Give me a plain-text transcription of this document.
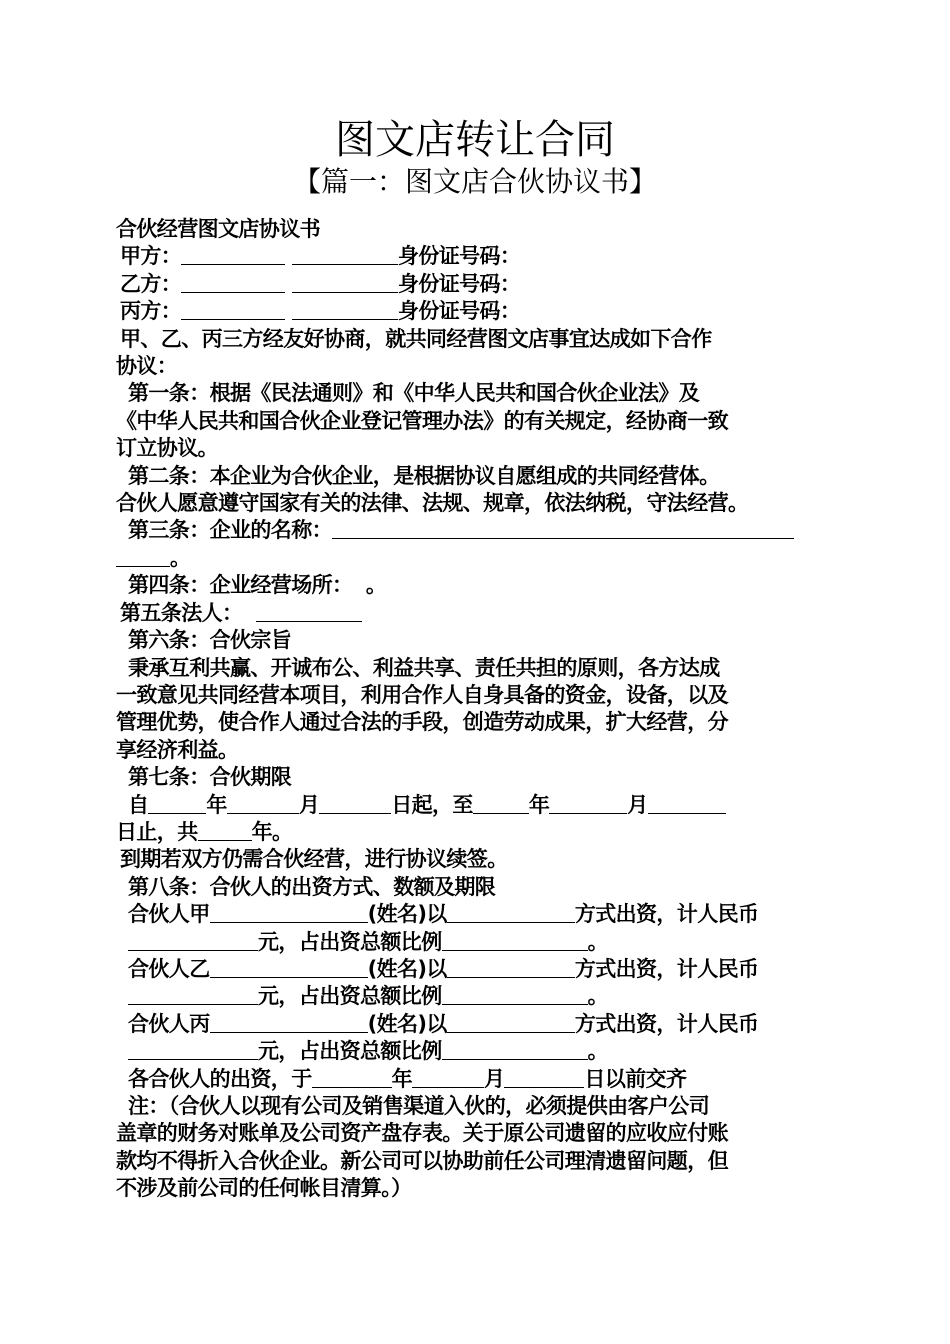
图文店转让合同
【篇一：图文店合伙协议书】
合伙经营图文店协议书
甲方：	身份证号码：
乙方：	身份证号码：
丙方：	身份证号码：
甲、乙、丙三方经友好协商，就共同经营图文店事宜达成如下合作
协议：
第一条：根据《民法通则》和《中华人民共和国合伙企业法》及
《中华人民共和国合伙企业登记管理办法》的有关规定，经协商一致
订立协议。
第二条：本企业为合伙企业，是根据协议自愿组成的共同经营体。
合伙人愿意遵守国家有关的法律、法规、规章，依法纳税，守法经营。
第三条：企业的名称：
。
第四条：企业经营场所： 。
第五条法人：
第六条：合伙宗旨
秉承互利共赢、开诚布公、利益共享、责任共担的原则，各方达成
一致意见共同经营本项目，利用合作人自身具备的资金，设备，以及
管理优势，使合作人通过合法的手段，创造劳动成果，扩大经营，分
享经济利益。
第七条：合伙期限
自	年	月	日起，至	年	月
日止，共	年。
到期若双方仍需合伙经营，进行协议续签。
第八条：合伙人的出资方式、数额及期限
合伙人甲	(姓名)以	方式出资，计人民币
元，占出资总额比例	。
合伙人乙	(姓名)以	方式出资，计人民币
元，占出资总额比例	。
合伙人丙	(姓名)以	方式出资，计人民币
元，占出资总额比例	。
各合伙人的出资，于	年	月	日以前交齐
注：（合伙人以现有公司及销售渠道入伙的，必须提供由客户公司
盖章的财务对账单及公司资产盘存表。关于原公司遗留的应收应付账
款均不得折入合伙企业。新公司可以协助前任公司理清遗留问题，但
不涉及前公司的任何帐目清算。）
